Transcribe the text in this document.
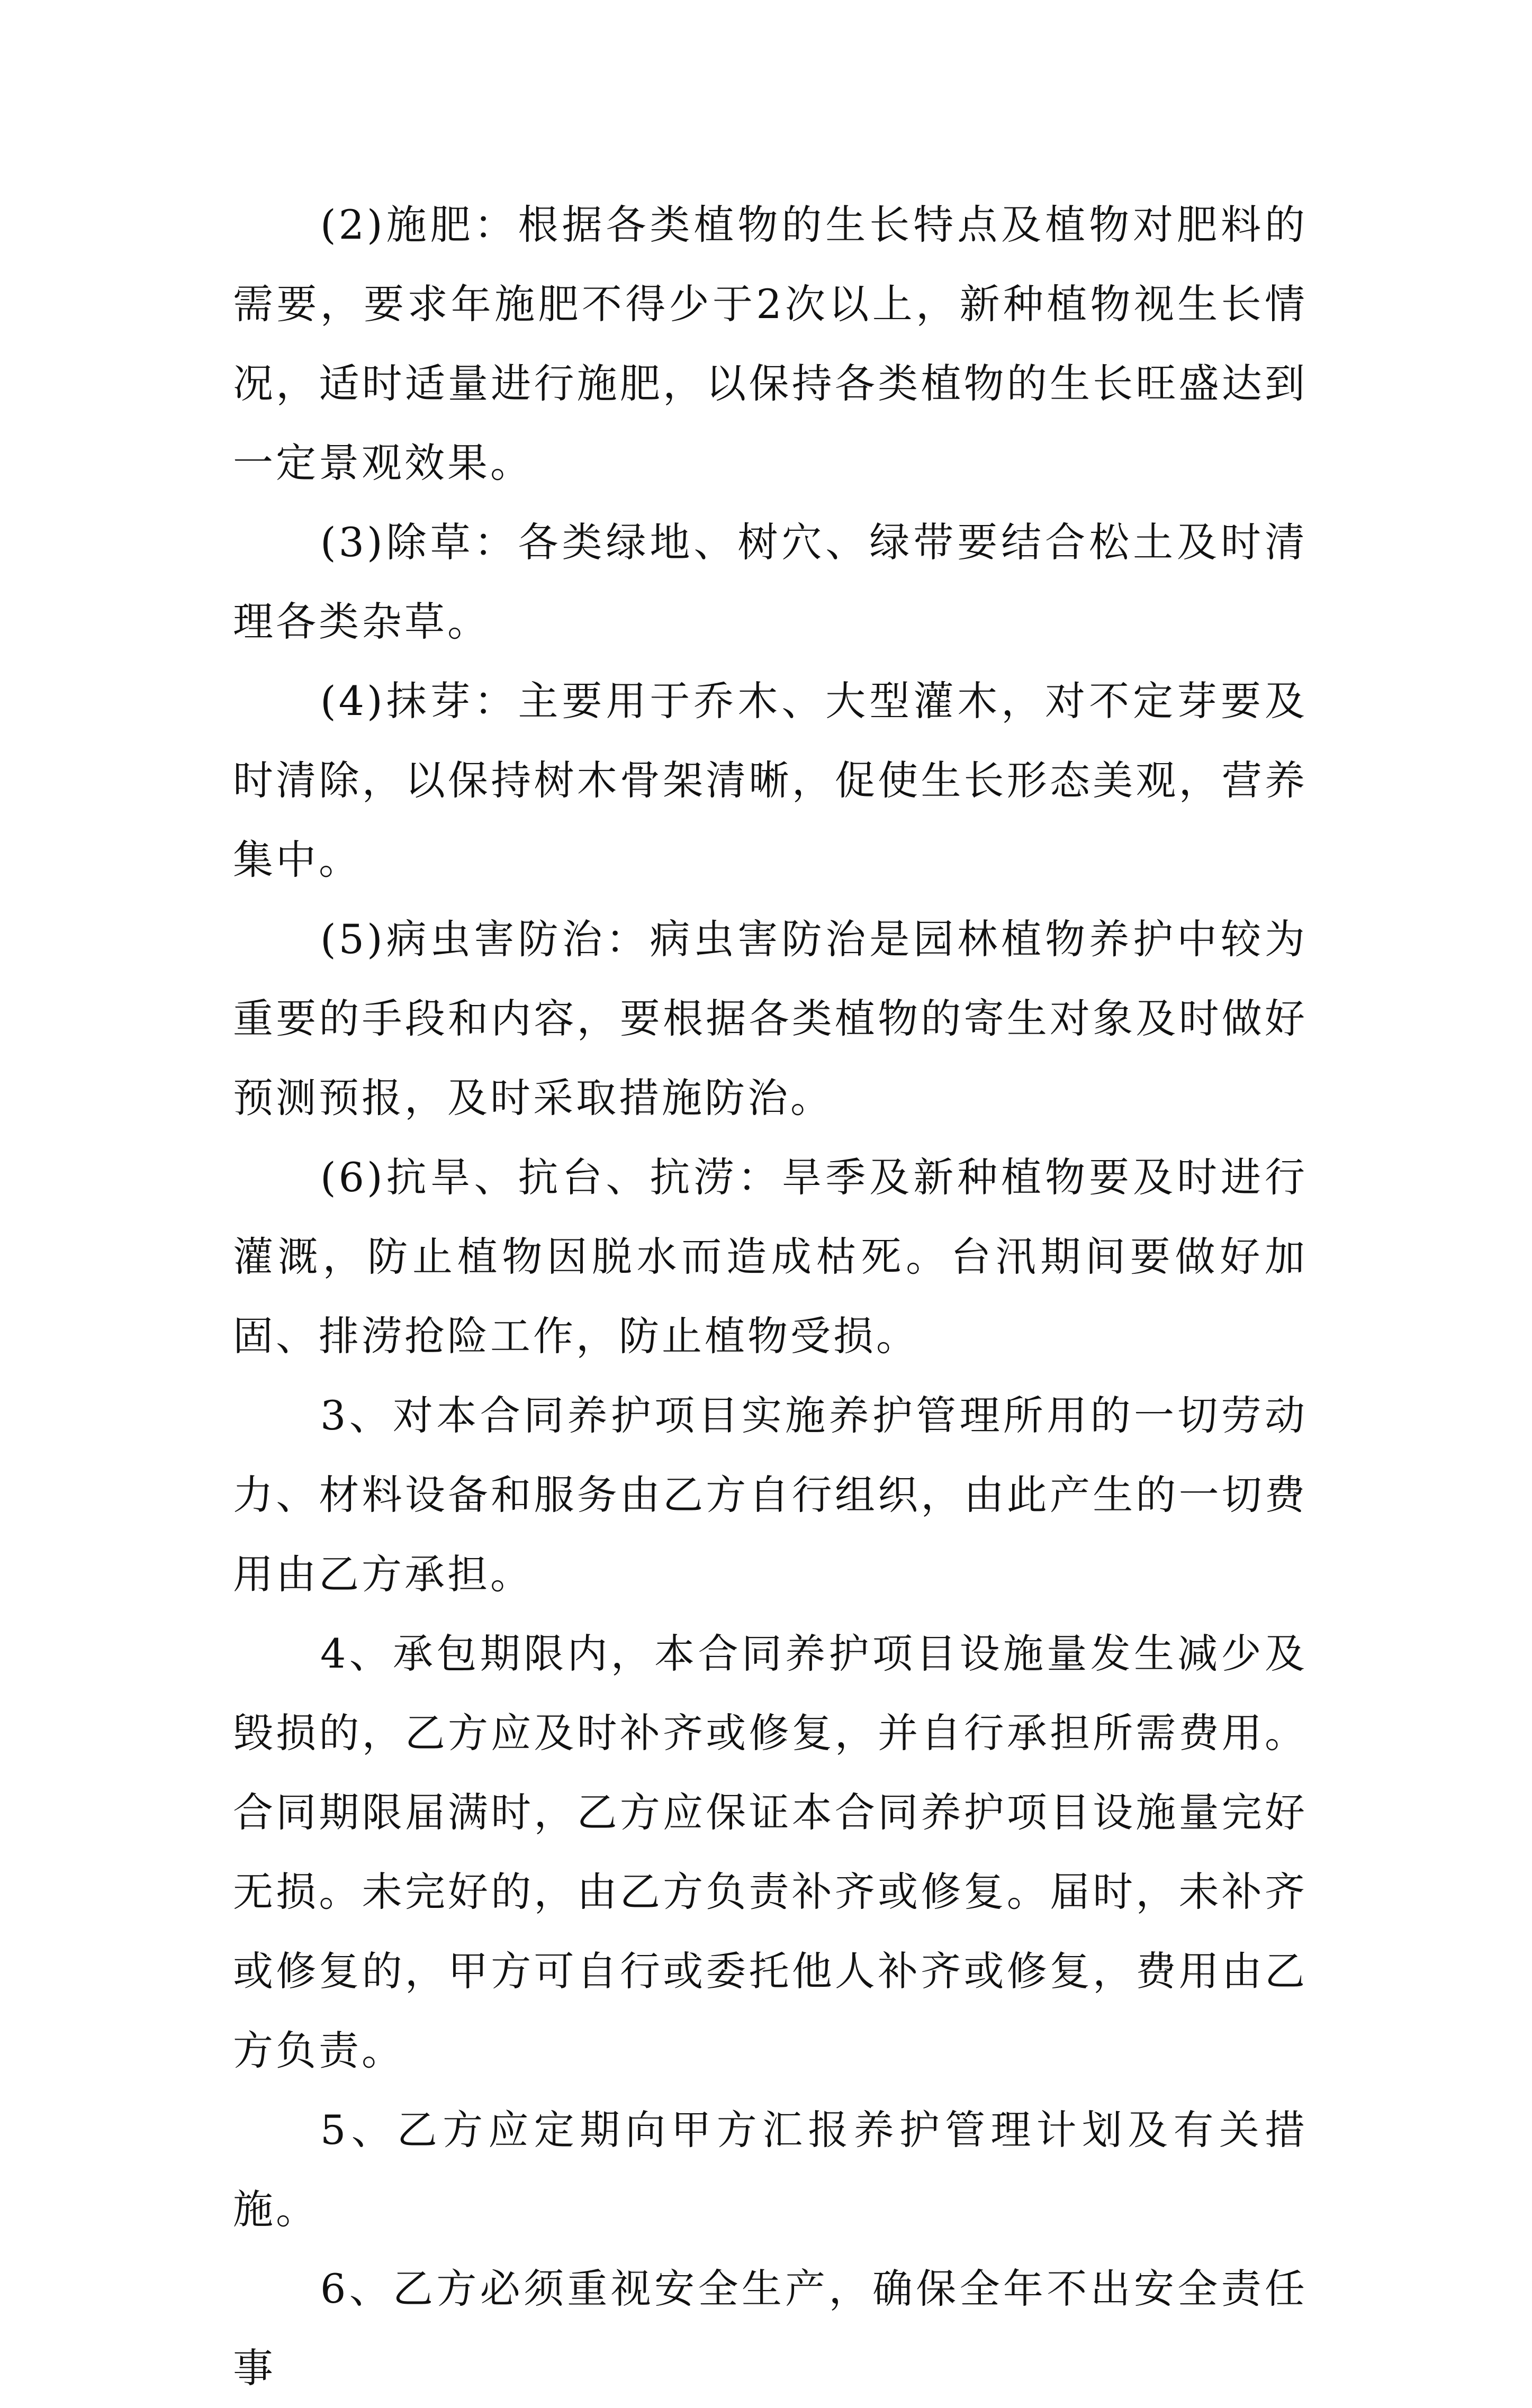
(2)施肥：根据各类植物的生长特点及植物对肥料的需要，要求年施肥不得少于2次以上，新种植物视生长情况，适时适量进行施肥，以保持各类植物的生长旺盛达到一定景观效果。

(3)除草：各类绿地、树穴、绿带要结合松土及时清理各类杂草。

(4)抹芽：主要用于乔木、大型灌木，对不定芽要及时清除，以保持树木骨架清晰，促使生长形态美观，营养集中。

(5)病虫害防治：病虫害防治是园林植物养护中较为重要的手段和内容，要根据各类植物的寄生对象及时做好预测预报，及时采取措施防治。

(6)抗旱、抗台、抗涝：旱季及新种植物要及时进行灌溉，防止植物因脱水而造成枯死。台汛期间要做好加固、排涝抢险工作，防止植物受损。

3、对本合同养护项目实施养护管理所用的一切劳动力、材料设备和服务由乙方自行组织，由此产生的一切费用由乙方承担。

4、承包期限内，本合同养护项目设施量发生减少及毁损的，乙方应及时补齐或修复，并自行承担所需费用。合同期限届满时，乙方应保证本合同养护项目设施量完好无损。未完好的，由乙方负责补齐或修复。届时，未补齐或修复的，甲方可自行或委托他人补齐或修复，费用由乙方负责。

5、乙方应定期向甲方汇报养护管理计划及有关措施。

6、乙方必须重视安全生产，确保全年不出安全责任事
